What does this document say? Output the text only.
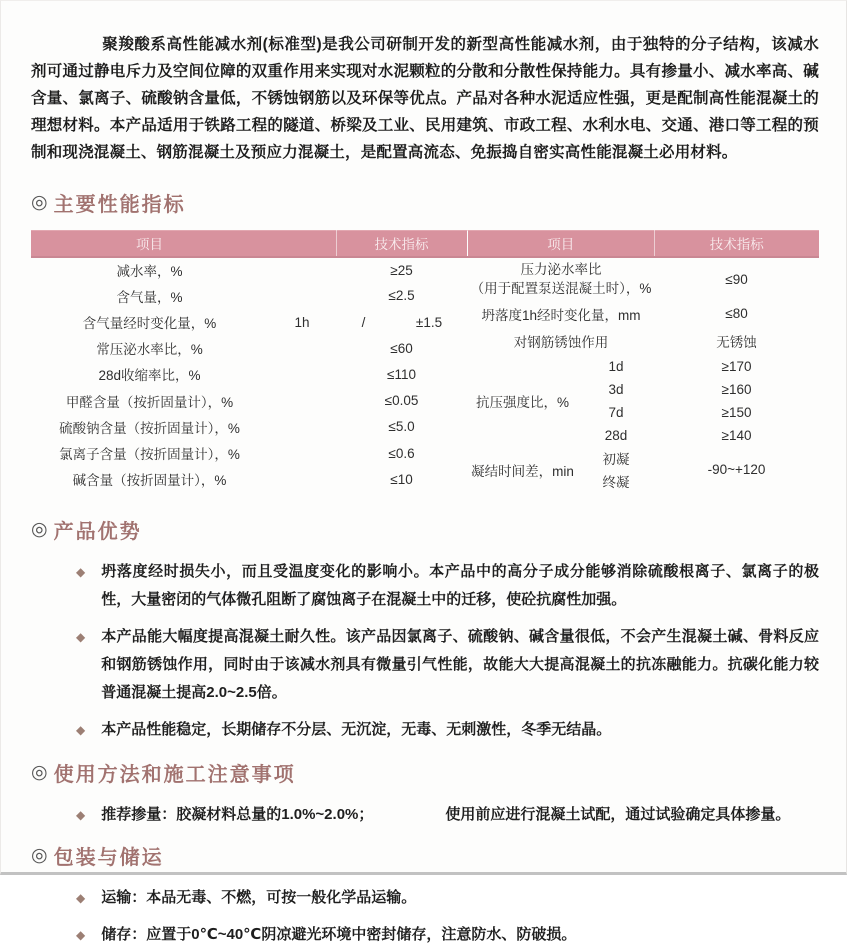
聚羧酸系高性能减水剂(标准型)是我公司研制开发的新型高性能减水剂，由于独特的分子结构，该减水剂可通过静电斥力及空间位障的双重作用来实现对水泥颗粒的分散和分散性保持能力。具有掺量小、减水率高、碱含量、氯离子、硫酸钠含量低，不锈蚀钢筋以及环保等优点。产品对各种水泥适应性强，更是配制高性能混凝土的理想材料。本产品适用于铁路工程的隧道、桥梁及工业、民用建筑、市政工程、水利水电、交通、港口等工程的预制和现浇混凝土、钢筋混凝土及预应力混凝土，是配置高流态、免振捣自密实高性能混凝土必用材料。

◎ 主要性能指标
项目		技术指标	
减水率，%		≥25	
含气量，%		≤2.5	
含气量经时变化量，%	1h	/	±1.5
常压泌水率比，%		≤60	
28d收缩率比，%		≤110	
甲醛含量（按折固量计），%		≤0.05	
硫酸钠含量（按折固量计），%		≤5.0	
氯离子含量（按折固量计），%		≤0.6	
碱含量（按折固量计），%		≤10	
项目		技术指标

压力泌水率比
（用于配置泵送混凝土时），%		≤90
坍落度1h经时变化量，mm		≤80
对钢筋锈蚀作用		无锈蚀
抗压强度比，%	1d	≥170
	3d	≥160
	7d	≥150
	28d	≥140
凝结时间差，min	初凝	-90~+120
	终凝	
◎ 产品优势
◆ 坍落度经时损失小，而且受温度变化的影响小。本产品中的高分子成分能够消除硫酸根离子、氯离子的极性，大量密闭的气体微孔阻断了腐蚀离子在混凝土中的迁移，使砼抗腐性加强。

◆ 本产品能大幅度提高混凝土耐久性。该产品因氯离子、硫酸钠、碱含量很低，不会产生混凝土碱、骨料反应和钢筋锈蚀作用，同时由于该减水剂具有微量引气性能，故能大大提高混凝土的抗冻融能力。抗碳化能力较普通混凝土提高2.0~2.5倍。

◆ 本产品性能稳定，长期储存不分层、无沉淀，无毒、无刺激性，冬季无结晶。

◎ 使用方法和施工注意事项
◆ 推荐掺量：胶凝材料总量的1.0%~2.0%；	使用前应进行混凝土试配，通过试验确定具体掺量。

◎ 包装与储运
◆ 运输：本品无毒、不燃，可按一般化学品运输。

◆ 储存：应置于0℃~40℃阴凉避光环境中密封储存，注意防水、防破损。
